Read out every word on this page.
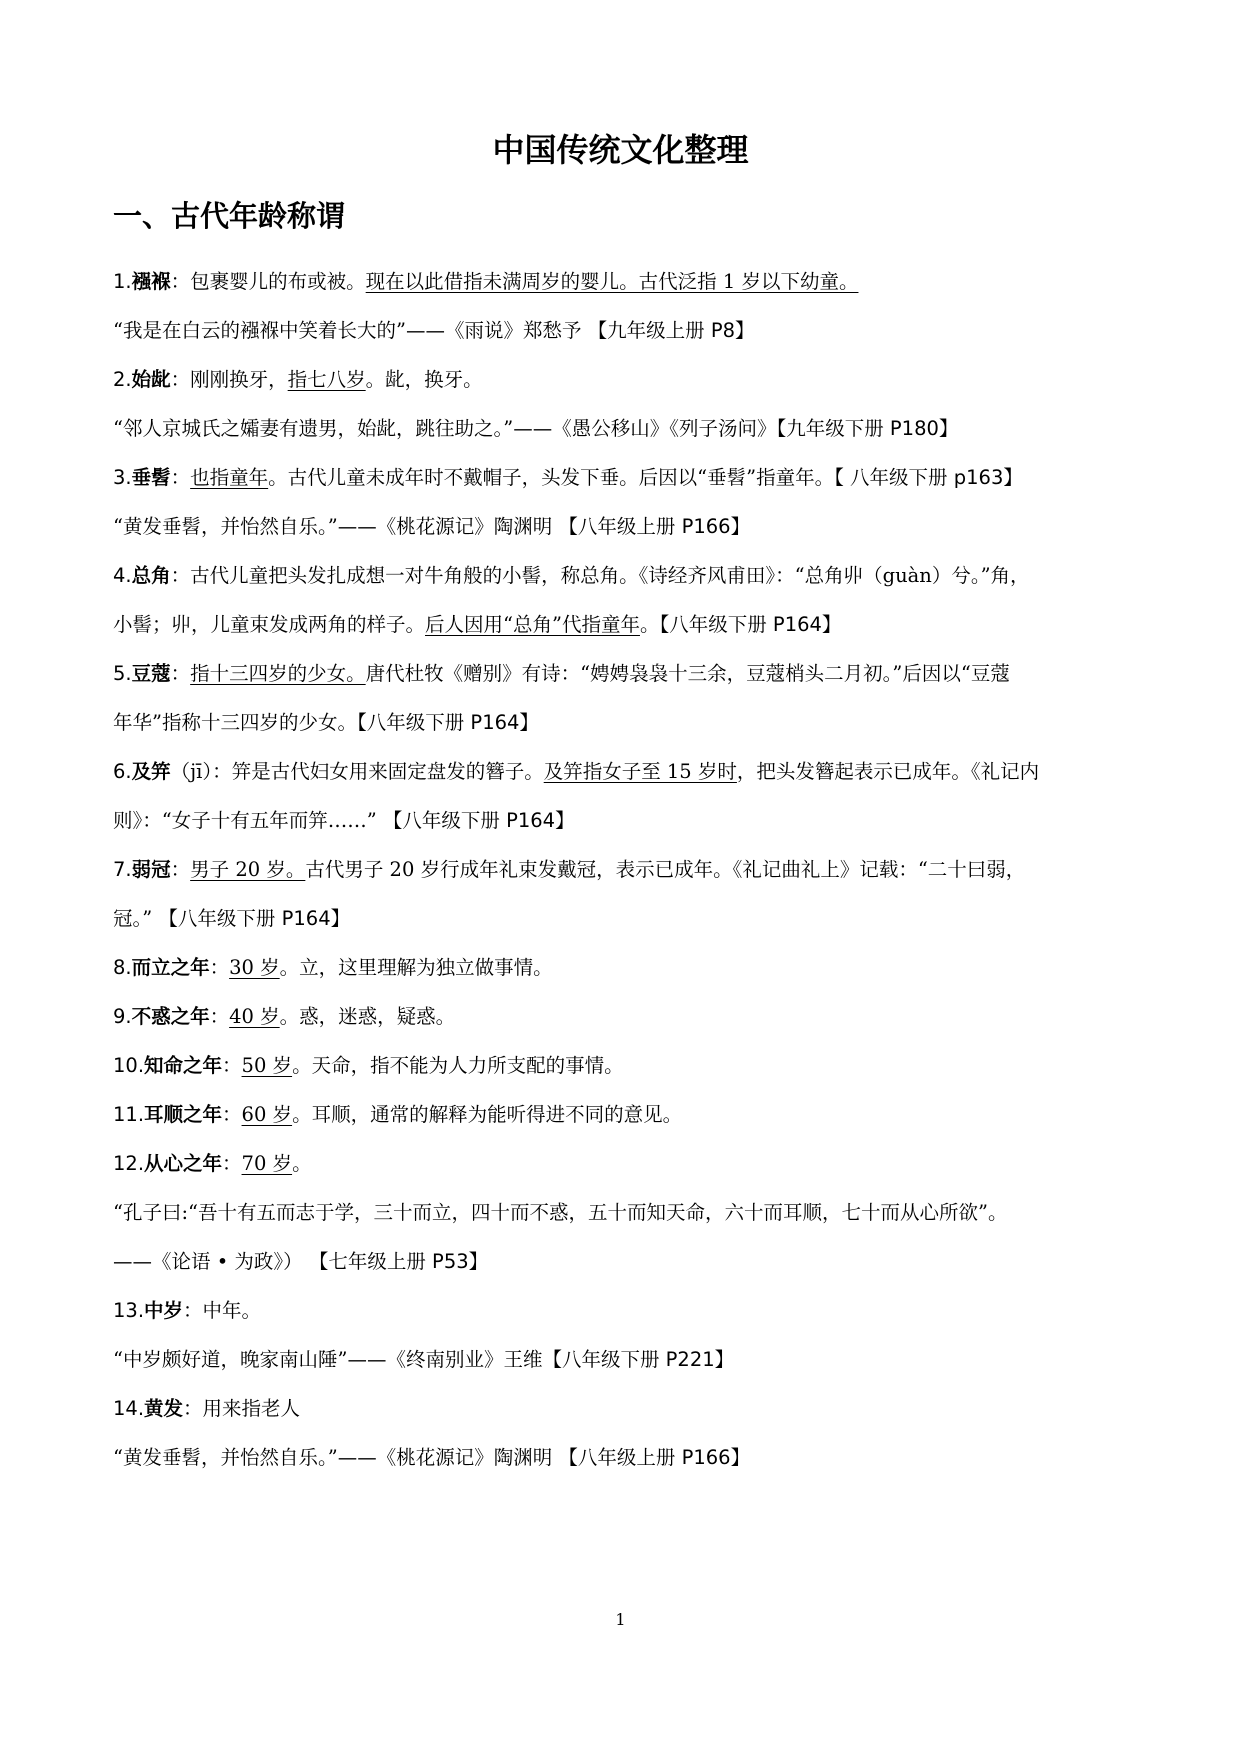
中国传统文化整理
一、古代年龄称谓
1.襁褓：包裹婴儿的布或被。现在以此借指未满周岁的婴儿。古代泛指 1 岁以下幼童。
“我是在白云的襁褓中笑着长大的”——《雨说》郑愁予 【九年级上册 P8】
2.始龀：刚刚换牙，指七八岁。龀，换牙。
“邻人京城氏之孀妻有遗男，始龀，跳往助之。”——《愚公移山》《列子汤问》【九年级下册 P180】
3.垂髫：也指童年。古代儿童未成年时不戴帽子，头发下垂。后因以“垂髫”指童年。【 八年级下册 p163】
“黄发垂髫，并怡然自乐。”——《桃花源记》陶渊明 【八年级上册 P166】
4.总角：古代儿童把头发扎成想一对牛角般的小髻，称总角。《诗经齐风甫田》：“总角丱（guàn）兮。”角，
小髻；丱，儿童束发成两角的样子。后人因用“总角”代指童年。【八年级下册 P164】
5.豆蔻：指十三四岁的少女。唐代杜牧《赠别》有诗：“娉娉袅袅十三余，豆蔻梢头二月初。”后因以“豆蔻
年华”指称十三四岁的少女。【八年级下册 P164】
6.及笄（jī）：笄是古代妇女用来固定盘发的簪子。及笄指女子至 15 岁时，把头发簪起表示已成年。《礼记内
则》：“女子十有五年而笄……” 【八年级下册 P164】
7.弱冠：男子 20 岁。古代男子 20 岁行成年礼束发戴冠，表示已成年。《礼记曲礼上》记载：“二十曰弱，
冠。” 【八年级下册 P164】
8.而立之年：30 岁。立，这里理解为独立做事情。
9.不惑之年：40 岁。惑，迷惑，疑惑。
10.知命之年：50 岁。天命，指不能为人力所支配的事情。
11.耳顺之年：60 岁。耳顺，通常的解释为能听得进不同的意见。
12.从心之年：70 岁。
“孔子曰:“吾十有五而志于学，三十而立，四十而不惑，五十而知天命，六十而耳顺，七十而从心所欲”。
——《论语 • 为政》） 【七年级上册 P53】
13.中岁：中年。
“中岁颇好道，晚家南山陲”——《终南别业》王维【八年级下册 P221】
14.黄发：用来指老人
“黄发垂髫，并怡然自乐。”——《桃花源记》陶渊明 【八年级上册 P166】
1
